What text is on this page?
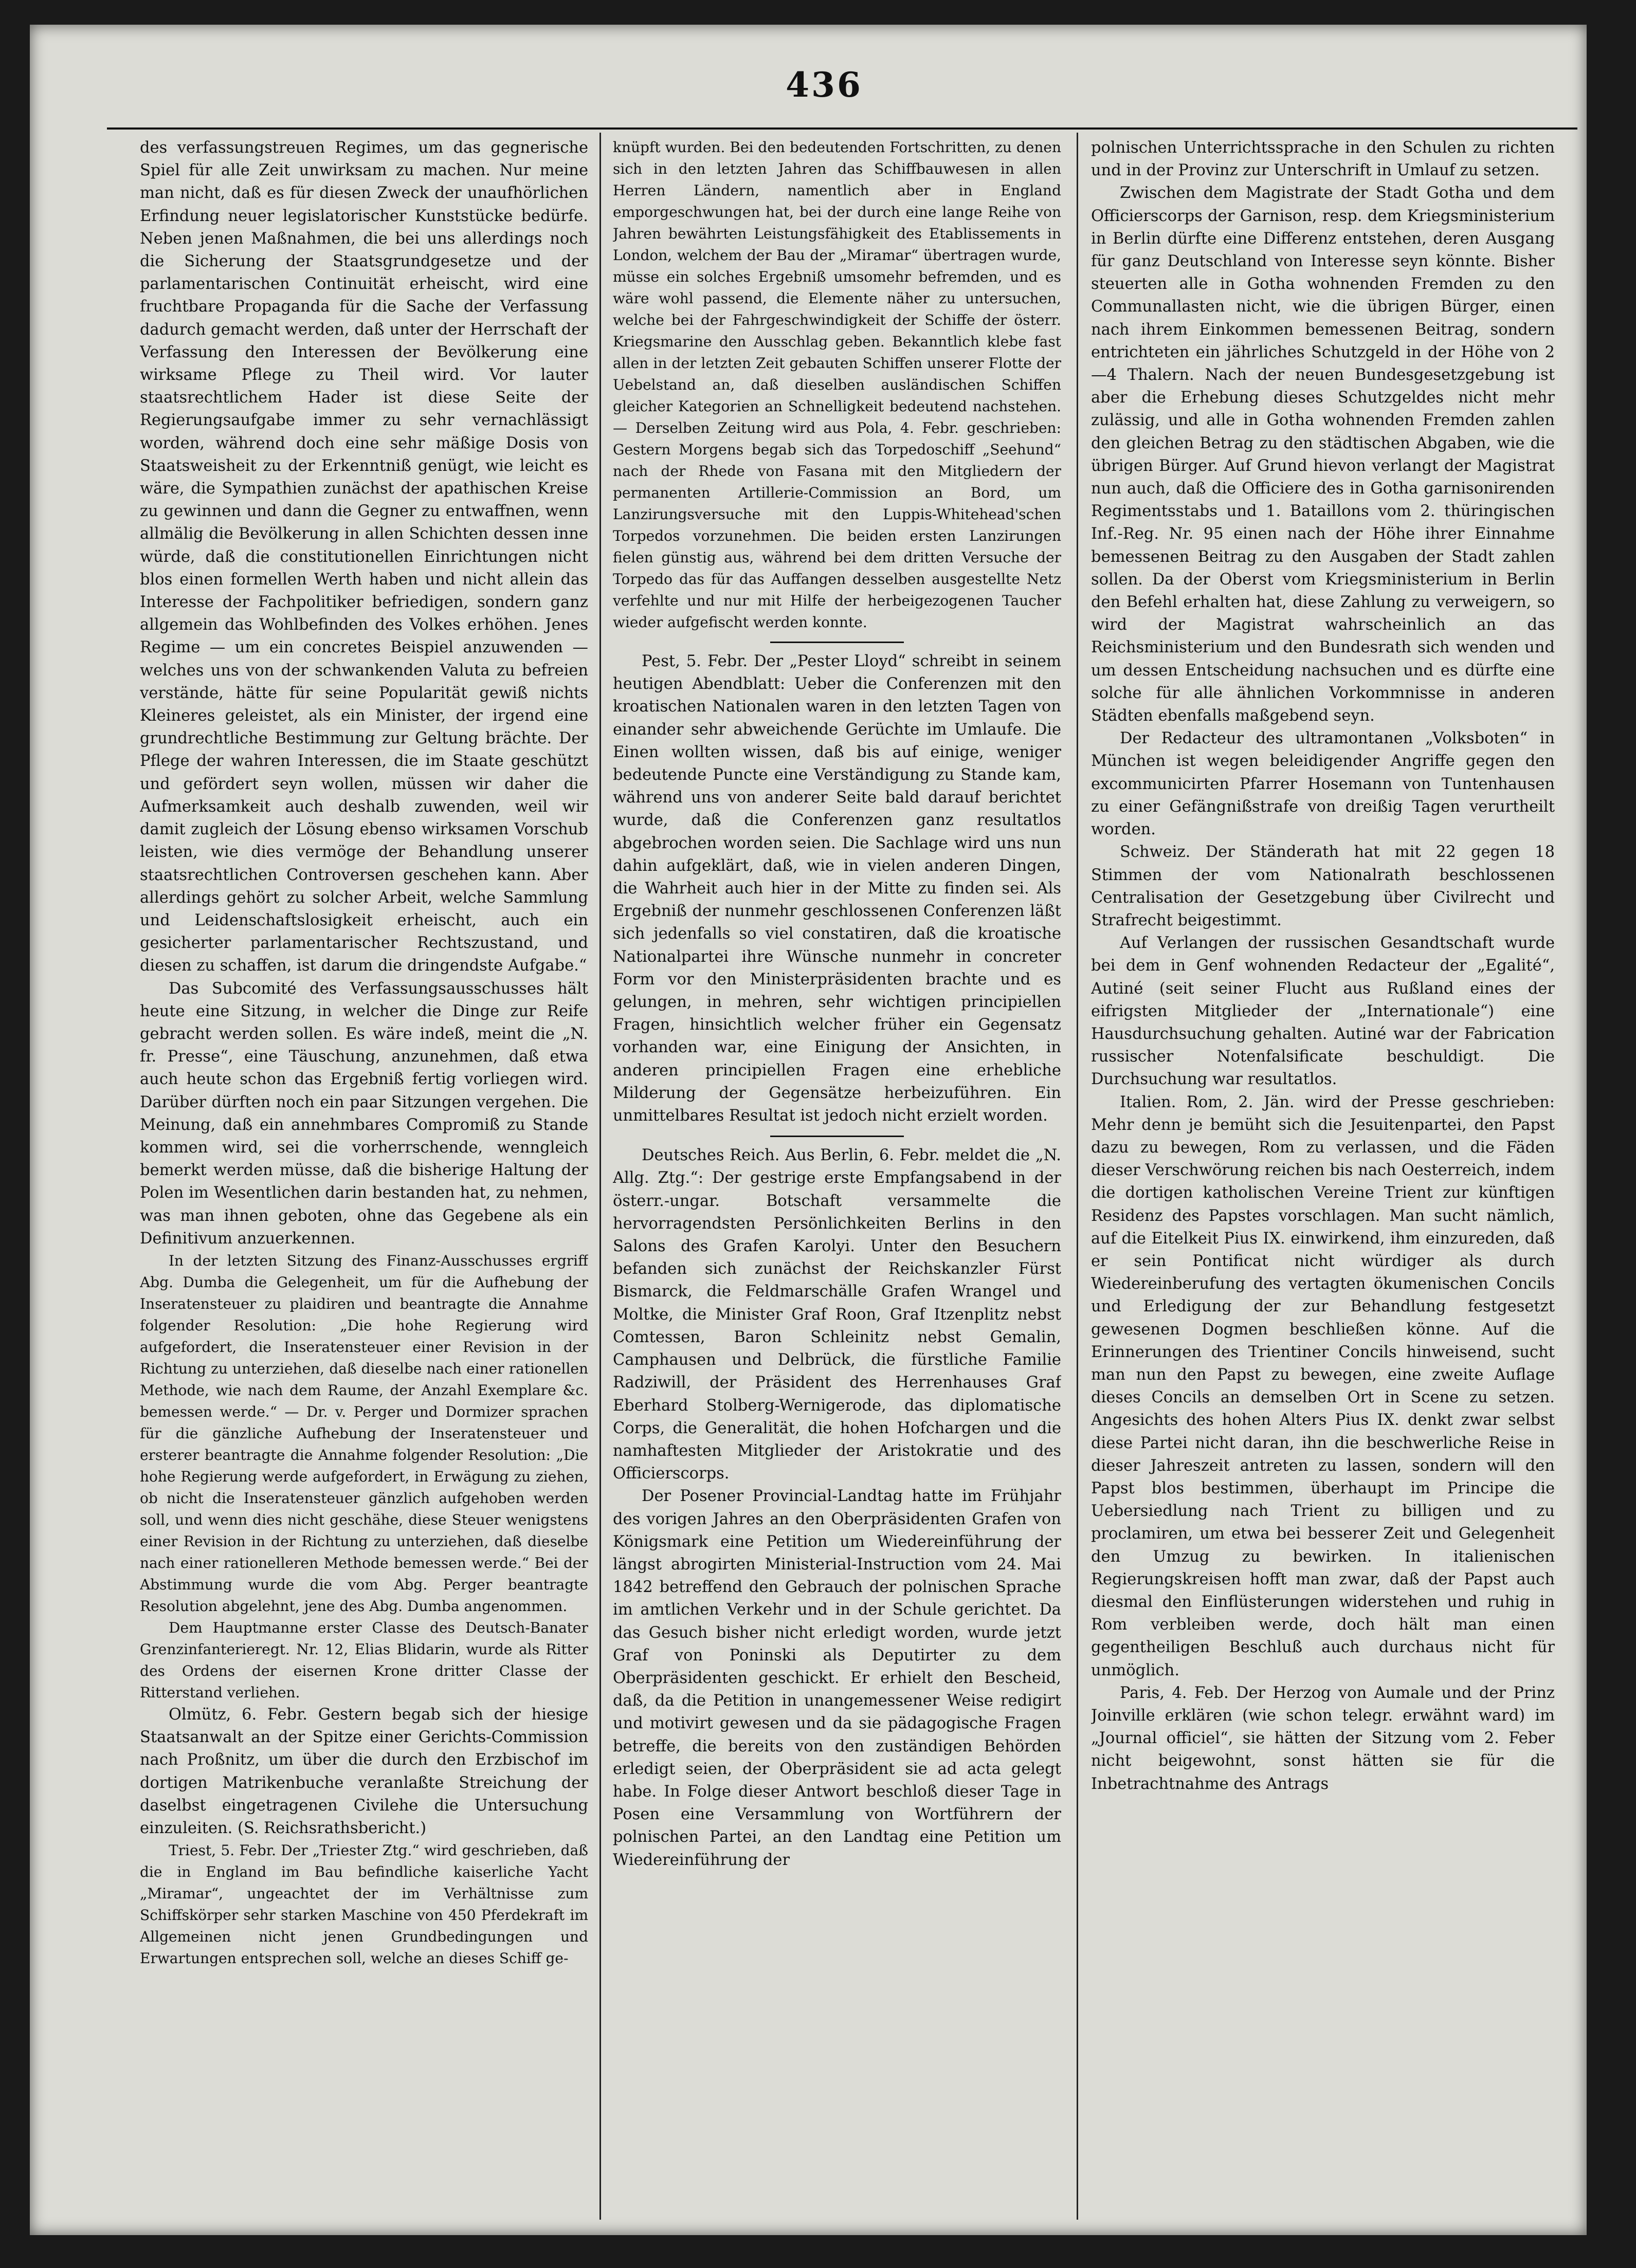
436

des verfassungstreuen Regimes, um das gegnerische Spiel für alle Zeit unwirksam zu machen. Nur meine man nicht, daß es für diesen Zweck der unaufhörlichen Erfindung neuer legislatorischer Kunststücke bedürfe. Neben jenen Maßnahmen, die bei uns allerdings noch die Sicherung der Staatsgrundgesetze und der parlamentarischen Continuität erheischt, wird eine fruchtbare Propaganda für die Sache der Verfassung dadurch gemacht werden, daß unter der Herrschaft der Verfassung den Interessen der Bevölkerung eine wirksame Pflege zu Theil wird. Vor lauter staatsrechtlichem Hader ist diese Seite der Regierungsaufgabe immer zu sehr vernachlässigt worden, während doch eine sehr mäßige Dosis von Staatsweisheit zu der Erkenntniß genügt, wie leicht es wäre, die Sympathien zunächst der apathischen Kreise zu gewinnen und dann die Gegner zu entwaffnen, wenn allmälig die Bevölkerung in allen Schichten dessen inne würde, daß die constitutionellen Einrichtungen nicht blos einen formellen Werth haben und nicht allein das Interesse der Fachpolitiker befriedigen, sondern ganz allgemein das Wohlbefinden des Volkes erhöhen. Jenes Regime — um ein concretes Beispiel anzuwenden — welches uns von der schwankenden Valuta zu befreien verstände, hätte für seine Popularität gewiß nichts Kleineres geleistet, als ein Minister, der irgend eine grundrechtliche Bestimmung zur Geltung brächte. Der Pflege der wahren Interessen, die im Staate geschützt und gefördert seyn wollen, müssen wir daher die Aufmerksamkeit auch deshalb zuwenden, weil wir damit zugleich der Lösung ebenso wirksamen Vorschub leisten, wie dies vermöge der Behandlung unserer staatsrechtlichen Controversen geschehen kann. Aber allerdings gehört zu solcher Arbeit, welche Sammlung und Leidenschaftslosigkeit erheischt, auch ein gesicherter parlamentarischer Rechtszustand, und diesen zu schaffen, ist darum die dringendste Aufgabe.“

Das Subcomité des Verfassungsausschusses hält heute eine Sitzung, in welcher die Dinge zur Reife gebracht werden sollen. Es wäre indeß, meint die „N. fr. Presse“, eine Täuschung, anzunehmen, daß etwa auch heute schon das Ergebniß fertig vorliegen wird. Darüber dürften noch ein paar Sitzungen vergehen. Die Meinung, daß ein annehmbares Compromiß zu Stande kommen wird, sei die vorherrschende, wenngleich bemerkt werden müsse, daß die bisherige Haltung der Polen im Wesentlichen darin bestanden hat, zu nehmen, was man ihnen geboten, ohne das Gegebene als ein Definitivum anzuerkennen.

In der letzten Sitzung des Finanz-Ausschusses ergriff Abg. Dumba die Gelegenheit, um für die Aufhebung der Inseratensteuer zu plaidiren und beantragte die Annahme folgender Resolution: „Die hohe Regierung wird aufgefordert, die Inseratensteuer einer Revision in der Richtung zu unterziehen, daß dieselbe nach einer rationellen Methode, wie nach dem Raume, der Anzahl Exemplare &c. bemessen werde.“ — Dr. v. Perger und Dormizer sprachen für die gänzliche Aufhebung der Inseratensteuer und ersterer beantragte die Annahme folgender Resolution: „Die hohe Regierung werde aufgefordert, in Erwägung zu ziehen, ob nicht die Inseratensteuer gänzlich aufgehoben werden soll, und wenn dies nicht geschähe, diese Steuer wenigstens einer Revision in der Richtung zu unterziehen, daß dieselbe nach einer rationelleren Methode bemessen werde.“ Bei der Abstimmung wurde die vom Abg. Perger beantragte Resolution abgelehnt, jene des Abg. Dumba angenommen.

Dem Hauptmanne erster Classe des Deutsch-Banater Grenzinfanterieregt. Nr. 12, Elias Blidarin, wurde als Ritter des Ordens der eisernen Krone dritter Classe der Ritterstand verliehen.

Olmütz, 6. Febr. Gestern begab sich der hiesige Staatsanwalt an der Spitze einer Gerichts-Commission nach Proßnitz, um über die durch den Erzbischof im dortigen Matrikenbuche veranlaßte Streichung der daselbst eingetragenen Civilehe die Untersuchung einzuleiten. (S. Reichsrathsbericht.)

Triest, 5. Febr. Der „Triester Ztg.“ wird geschrieben, daß die in England im Bau befindliche kaiserliche Yacht „Miramar“, ungeachtet der im Verhältnisse zum Schiffskörper sehr starken Maschine von 450 Pferdekraft im Allgemeinen nicht jenen Grundbedingungen und Erwartungen entsprechen soll, welche an dieses Schiff ge-

knüpft wurden. Bei den bedeutenden Fortschritten, zu denen sich in den letzten Jahren das Schiffbauwesen in allen Herren Ländern, namentlich aber in England emporgeschwungen hat, bei der durch eine lange Reihe von Jahren bewährten Leistungsfähigkeit des Etablissements in London, welchem der Bau der „Miramar“ übertragen wurde, müsse ein solches Ergebniß umsomehr befremden, und es wäre wohl passend, die Elemente näher zu untersuchen, welche bei der Fahrgeschwindigkeit der Schiffe der österr. Kriegsmarine den Ausschlag geben. Bekanntlich klebe fast allen in der letzten Zeit gebauten Schiffen unserer Flotte der Uebelstand an, daß dieselben ausländischen Schiffen gleicher Kategorien an Schnelligkeit bedeutend nachstehen. — Derselben Zeitung wird aus Pola, 4. Febr. geschrieben: Gestern Morgens begab sich das Torpedoschiff „Seehund“ nach der Rhede von Fasana mit den Mitgliedern der permanenten Artillerie-Commission an Bord, um Lanzirungsversuche mit den Luppis-Whitehead'schen Torpedos vorzunehmen. Die beiden ersten Lanzirungen fielen günstig aus, während bei dem dritten Versuche der Torpedo das für das Auffangen desselben ausgestellte Netz verfehlte und nur mit Hilfe der herbeigezogenen Taucher wieder aufgefischt werden konnte.

Pest, 5. Febr. Der „Pester Lloyd“ schreibt in seinem heutigen Abendblatt: Ueber die Conferenzen mit den kroatischen Nationalen waren in den letzten Tagen von einander sehr abweichende Gerüchte im Umlaufe. Die Einen wollten wissen, daß bis auf einige, weniger bedeutende Puncte eine Verständigung zu Stande kam, während uns von anderer Seite bald darauf berichtet wurde, daß die Conferenzen ganz resultatlos abgebrochen worden seien. Die Sachlage wird uns nun dahin aufgeklärt, daß, wie in vielen anderen Dingen, die Wahrheit auch hier in der Mitte zu finden sei. Als Ergebniß der nunmehr geschlossenen Conferenzen läßt sich jedenfalls so viel constatiren, daß die kroatische Nationalpartei ihre Wünsche nunmehr in concreter Form vor den Ministerpräsidenten brachte und es gelungen, in mehren, sehr wichtigen principiellen Fragen, hinsichtlich welcher früher ein Gegensatz vorhanden war, eine Einigung der Ansichten, in anderen principiellen Fragen eine erhebliche Milderung der Gegensätze herbeizuführen. Ein unmittelbares Resultat ist jedoch nicht erzielt worden.

Deutsches Reich. Aus Berlin, 6. Febr. meldet die „N. Allg. Ztg.“: Der gestrige erste Empfangsabend in der österr.-ungar. Botschaft versammelte die hervorragendsten Persönlichkeiten Berlins in den Salons des Grafen Karolyi. Unter den Besuchern befanden sich zunächst der Reichskanzler Fürst Bismarck, die Feldmarschälle Grafen Wrangel und Moltke, die Minister Graf Roon, Graf Itzenplitz nebst Comtessen, Baron Schleinitz nebst Gemalin, Camphausen und Delbrück, die fürstliche Familie Radziwill, der Präsident des Herrenhauses Graf Eberhard Stolberg-Wernigerode, das diplomatische Corps, die Generalität, die hohen Hofchargen und die namhaftesten Mitglieder der Aristokratie und des Officierscorps.

Der Posener Provincial-Landtag hatte im Frühjahr des vorigen Jahres an den Oberpräsidenten Grafen von Königsmark eine Petition um Wiedereinführung der längst abrogirten Ministerial-Instruction vom 24. Mai 1842 betreffend den Gebrauch der polnischen Sprache im amtlichen Verkehr und in der Schule gerichtet. Da das Gesuch bisher nicht erledigt worden, wurde jetzt Graf von Poninski als Deputirter zu dem Oberpräsidenten geschickt. Er erhielt den Bescheid, daß, da die Petition in unangemessener Weise redigirt und motivirt gewesen und da sie pädagogische Fragen betreffe, die bereits von den zuständigen Behörden erledigt seien, der Oberpräsident sie ad acta gelegt habe. In Folge dieser Antwort beschloß dieser Tage in Posen eine Versammlung von Wortführern der polnischen Partei, an den Landtag eine Petition um Wiedereinführung der

polnischen Unterrichtssprache in den Schulen zu richten und in der Provinz zur Unterschrift in Umlauf zu setzen.

Zwischen dem Magistrate der Stadt Gotha und dem Officierscorps der Garnison, resp. dem Kriegsministerium in Berlin dürfte eine Differenz entstehen, deren Ausgang für ganz Deutschland von Interesse seyn könnte. Bisher steuerten alle in Gotha wohnenden Fremden zu den Communallasten nicht, wie die übrigen Bürger, einen nach ihrem Einkommen bemessenen Beitrag, sondern entrichteten ein jährliches Schutzgeld in der Höhe von 2—4 Thalern. Nach der neuen Bundesgesetzgebung ist aber die Erhebung dieses Schutzgeldes nicht mehr zulässig, und alle in Gotha wohnenden Fremden zahlen den gleichen Betrag zu den städtischen Abgaben, wie die übrigen Bürger. Auf Grund hievon verlangt der Magistrat nun auch, daß die Officiere des in Gotha garnisonirenden Regimentsstabs und 1. Bataillons vom 2. thüringischen Inf.-Reg. Nr. 95 einen nach der Höhe ihrer Einnahme bemessenen Beitrag zu den Ausgaben der Stadt zahlen sollen. Da der Oberst vom Kriegsministerium in Berlin den Befehl erhalten hat, diese Zahlung zu verweigern, so wird der Magistrat wahrscheinlich an das Reichsministerium und den Bundesrath sich wenden und um dessen Entscheidung nachsuchen und es dürfte eine solche für alle ähnlichen Vorkommnisse in anderen Städten ebenfalls maßgebend seyn.

Der Redacteur des ultramontanen „Volksboten“ in München ist wegen beleidigender Angriffe gegen den excommunicirten Pfarrer Hosemann von Tuntenhausen zu einer Gefängnißstrafe von dreißig Tagen verurtheilt worden.

Schweiz. Der Ständerath hat mit 22 gegen 18 Stimmen der vom Nationalrath beschlossenen Centralisation der Gesetzgebung über Civilrecht und Strafrecht beigestimmt.

Auf Verlangen der russischen Gesandtschaft wurde bei dem in Genf wohnenden Redacteur der „Egalité“, Autiné (seit seiner Flucht aus Rußland eines der eifrigsten Mitglieder der „Internationale“) eine Hausdurchsuchung gehalten. Autiné war der Fabrication russischer Notenfalsificate beschuldigt. Die Durchsuchung war resultatlos.

Italien. Rom, 2. Jän. wird der Presse geschrieben: Mehr denn je bemüht sich die Jesuitenpartei, den Papst dazu zu bewegen, Rom zu verlassen, und die Fäden dieser Verschwörung reichen bis nach Oesterreich, indem die dortigen katholischen Vereine Trient zur künftigen Residenz des Papstes vorschlagen. Man sucht nämlich, auf die Eitelkeit Pius IX. einwirkend, ihm einzureden, daß er sein Pontificat nicht würdiger als durch Wiedereinberufung des vertagten ökumenischen Concils und Erledigung der zur Behandlung festgesetzt gewesenen Dogmen beschließen könne. Auf die Erinnerungen des Trientiner Concils hinweisend, sucht man nun den Papst zu bewegen, eine zweite Auflage dieses Concils an demselben Ort in Scene zu setzen. Angesichts des hohen Alters Pius IX. denkt zwar selbst diese Partei nicht daran, ihn die beschwerliche Reise in dieser Jahreszeit antreten zu lassen, sondern will den Papst blos bestimmen, überhaupt im Principe die Uebersiedlung nach Trient zu billigen und zu proclamiren, um etwa bei besserer Zeit und Gelegenheit den Umzug zu bewirken. In italienischen Regierungskreisen hofft man zwar, daß der Papst auch diesmal den Einflüsterungen widerstehen und ruhig in Rom verbleiben werde, doch hält man einen gegentheiligen Beschluß auch durchaus nicht für unmöglich.

Paris, 4. Feb. Der Herzog von Aumale und der Prinz Joinville erklären (wie schon telegr. erwähnt ward) im „Journal officiel“, sie hätten der Sitzung vom 2. Feber nicht beigewohnt, sonst hätten sie für die Inbetrachtnahme des Antrags
